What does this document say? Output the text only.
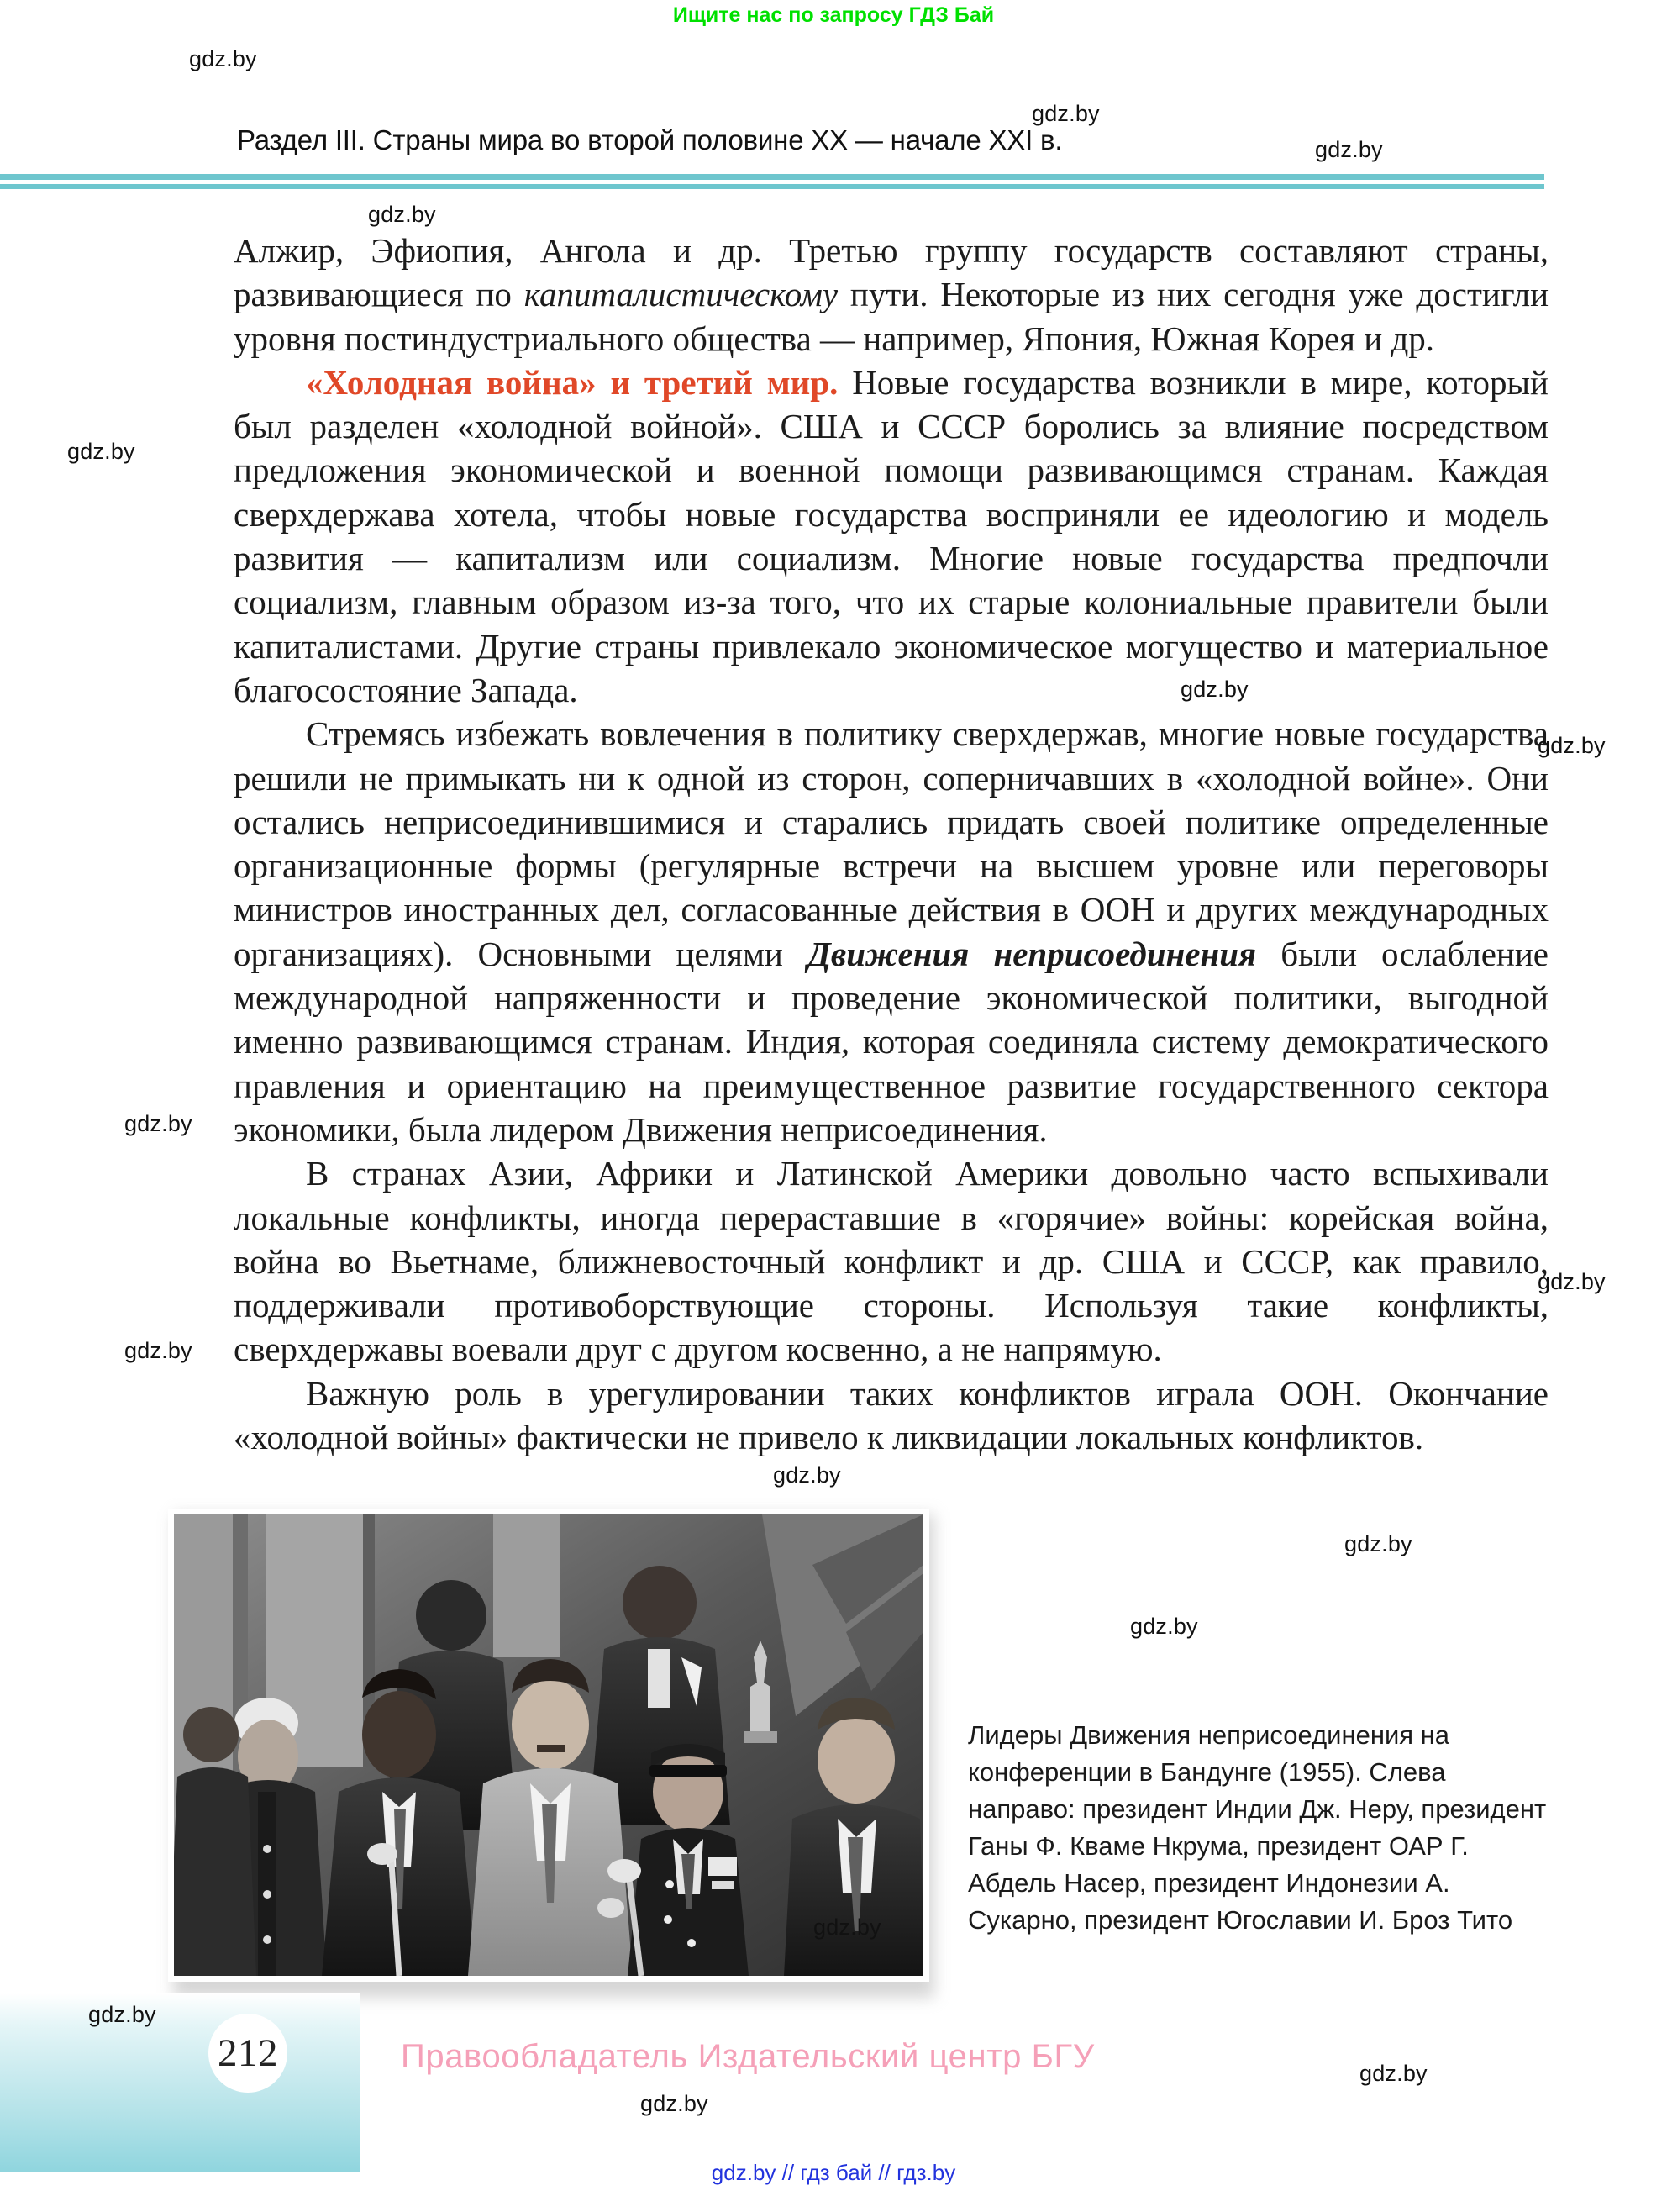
Ищите нас по запросу ГДЗ Бай
Раздел III. Страны мира во второй половине XX — начале XXI в.

Алжир, Эфиопия, Ангола и др. Третью группу государств составляют страны, развивающиеся по капиталистическому пути. Некоторые из них сегодня уже достигли уровня постиндустриального общества — например, Япония, Южная Корея и др.

«Холодная война» и третий мир. Новые государства возникли в мире, который был разделен «холодной войной». США и СССР боролись за влияние посредством предложения экономической и военной помощи развивающимся странам. Каждая сверхдержава хотела, чтобы новые государства восприняли ее идеологию и модель развития — капитализм или социализм. Многие новые государства предпочли социализм, главным образом из-за того, что их старые колониальные правители были капиталистами. Другие страны привлекало экономическое могущество и материальное благосостояние Запада.

Стремясь избежать вовлечения в политику сверхдержав, многие новые государства решили не примыкать ни к одной из сторон, соперничавших в «холодной войне». Они остались неприсоединившимися и старались придать своей политике определенные организационные формы (регулярные встречи на высшем уровне или переговоры министров иностранных дел, согласованные действия в ООН и других международных организациях). Основными целями Движения неприсоединения были ослабление международной напряженности и проведение экономической политики, выгодной именно развивающимся странам. Индия, которая соединяла систему демократического правления и ориентацию на преимущественное развитие государственного сектора экономики, была лидером Движения неприсоединения.

В странах Азии, Африки и Латинской Америки довольно часто вспыхивали локальные конфликты, иногда перераставшие в «горячие» войны: корейская война, война во Вьетнаме, ближневосточный конфликт и др. США и СССР, как правило, поддерживали противоборствующие стороны. Используя такие конфликты, сверхдержавы воевали друг с другом косвенно, а не напрямую.

Важную роль в урегулировании таких конфликтов играла ООН. Окончание «холодной войны» фактически не привело к ликвидации локальных конфликтов.

Лидеры Движения неприсоединения на конференции в Бандунге (1955). Слева направо: президент Индии Дж. Неру, президент Ганы Ф. Кваме Нкрума, президент ОАР Г. Абдель Насер, президент Индонезии А. Сукарно, президент Югославии И. Броз Тито
212	Правообладатель Издательский центр БГУ
gdz.by // гдз бай // гдз.by
gdz.by
gdz.by
gdz.by
gdz.by
gdz.by
gdz.by
gdz.by
gdz.by
gdz.by
gdz.by
gdz.by
gdz.by
gdz.by
gdz.by
gdz.by
gdz.by
gdz.by
